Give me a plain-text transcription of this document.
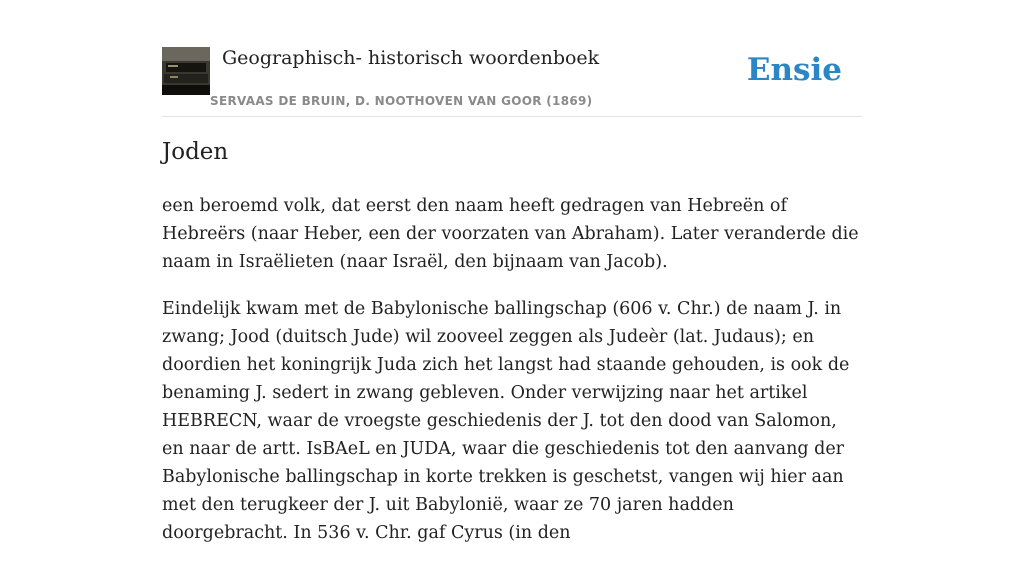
Geographisch- historisch woordenboek
SERVAAS DE BRUIN, D. NOOTHOVEN VAN GOOR (1869)
Ensie
Joden

een beroemd volk, dat eerst den naam heeft gedragen van Hebreën of Hebreërs (naar Heber, een der voorzaten van Abraham). Later veranderde die naam in Israëlieten (naar Israël, den bijnaam van Jacob).

Eindelijk kwam met de Babylonische ballingschap (606 v. Chr.) de naam J. in zwang; Jood (duitsch Jude) wil zooveel zeggen als Judeèr (lat. Judaus); en doordien het koningrijk Juda zich het langst had staande gehouden, is ook de benaming J. sedert in zwang gebleven. Onder verwijzing naar het artikel HEBRECN, waar de vroegste geschiedenis der J. tot den dood van Salomon, en naar de artt. IsBAeL en JUDA, waar die geschiedenis tot den aanvang der Babylonische ballingschap in korte trekken is geschetst, vangen wij hier aan met den terugkeer der J. uit Babylonië, waar ze 70 jaren hadden doorgebracht. In 536 v. Chr. gaf Cyrus (in den
